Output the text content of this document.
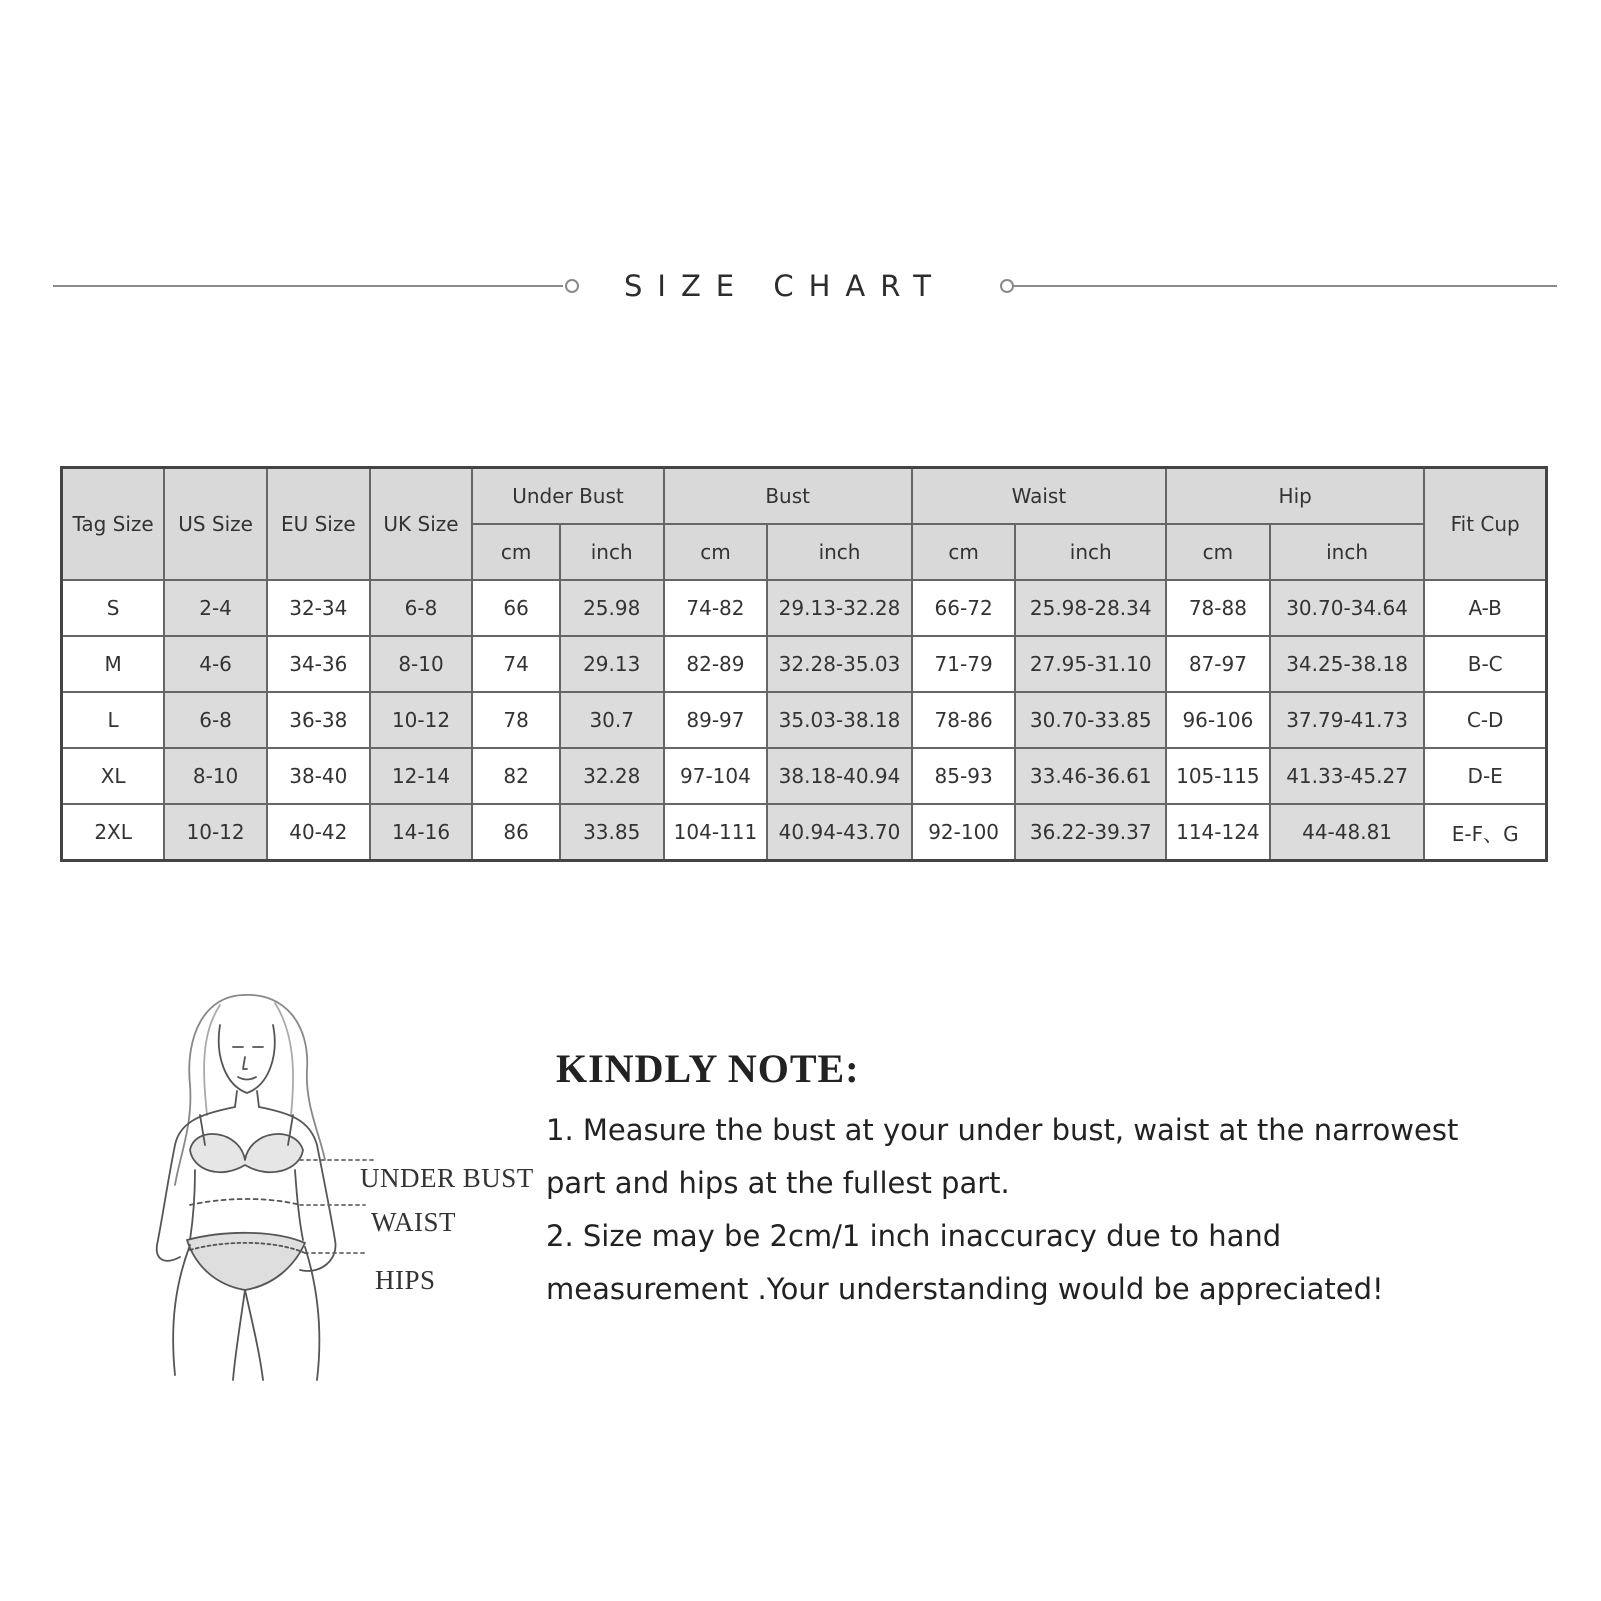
SIZE CHART
Tag Size	US Size	EU Size	UK Size	Under Bust		Bust		Waist		Hip		Fit Cup
				cm	inch	cm	inch	cm	inch	cm	inch	
S	2-4	32-34	6-8	66	25.98	74-82	29.13-32.28	66-72	25.98-28.34	78-88	30.70-34.64	A-B
M	4-6	34-36	8-10	74	29.13	82-89	32.28-35.03	71-79	27.95-31.10	87-97	34.25-38.18	B-C
L	6-8	36-38	10-12	78	30.7	89-97	35.03-38.18	78-86	30.70-33.85	96-106	37.79-41.73	C-D
XL	8-10	38-40	12-14	82	32.28	97-104	38.18-40.94	85-93	33.46-36.61	105-115	41.33-45.27	D-E
2XL	10-12	40-42	14-16	86	33.85	104-111	40.94-43.70	92-100	36.22-39.37	114-124	44-48.81	E-F、G
UNDER BUST
WAIST
HIPS
KINDLY NOTE:
1. Measure the bust at your under bust, waist at the narrowest
part and hips at the fullest part.
2. Size may be 2cm/1 inch inaccuracy due to hand
measurement .Your understanding would be appreciated!
